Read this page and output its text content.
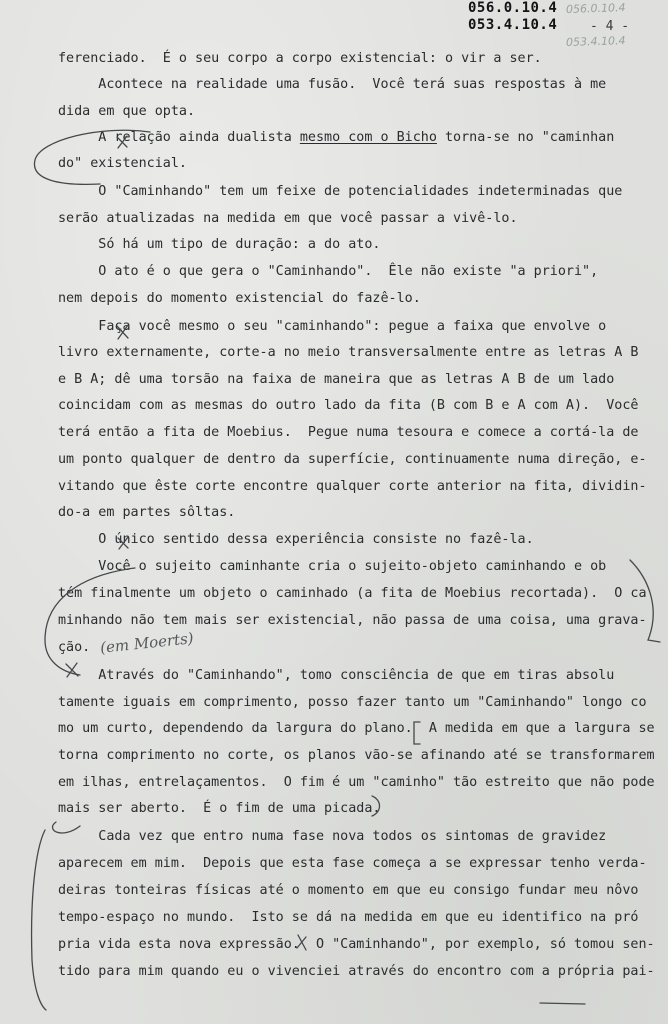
056.0.10.4
053.4.10.4
056.0.10.4
053.4.10.4
- 4 -
ferenciado.  É o seu corpo a corpo existencial: o vir a ser.
Acontece na realidade uma fusão.  Você terá suas respostas à me
dida em que opta.
A relação ainda dualista mesmo com o Bicho torna-se no "caminhan
do" existencial.
O "Caminhando" tem um feixe de potencialidades indeterminadas que
serão atualizadas na medida em que você passar a vivê-lo.
Só há um tipo de duração: a do ato.
O ato é o que gera o "Caminhando".  Êle não existe "a priori",
nem depois do momento existencial do fazê-lo.
Faça você mesmo o seu "caminhando": pegue a faixa que envolve o
livro externamente, corte-a no meio transversalmente entre as letras A B
e B A; dê uma torsão na faixa de maneira que as letras A B de um lado
coincidam com as mesmas do outro lado da fita (B com B e A com A).  Você
terá então a fita de Moebius.  Pegue numa tesoura e comece a cortá-la de
um ponto qualquer de dentro da superfície, continuamente numa direção, e-
vitando que êste corte encontre qualquer corte anterior na fita, dividin-
do-a em partes sôltas.
O único sentido dessa experiência consiste no fazê-la.
Você o sujeito caminhante cria o sujeito-objeto caminhando e ob
tém finalmente um objeto o caminhado (a fita de Moebius recortada).  O ca
minhando não tem mais ser existencial, não passa de uma coisa, uma grava-
ção.
Através do "Caminhando", tomo consciência de que em tiras absolu
tamente iguais em comprimento, posso fazer tanto um "Caminhando" longo co
mo um curto, dependendo da largura do plano.  A medida em que a largura se
torna comprimento no corte, os planos vão-se afinando até se transformarem
em ilhas, entrelaçamentos.  O fim é um "caminho" tão estreito que não pode
mais ser aberto.  É o fim de uma picada.
Cada vez que entro numa fase nova todos os sintomas de gravidez
aparecem em mim.  Depois que esta fase começa a se expressar tenho verda-
deiras tonteiras físicas até o momento em que eu consigo fundar meu nôvo
tempo-espaço no mundo.  Isto se dá na medida em que eu identifico na pró
pria vida esta nova expressão.  O "Caminhando", por exemplo, só tomou sen-
tido para mim quando eu o vivenciei através do encontro com a própria pai-
(em Moerts)
